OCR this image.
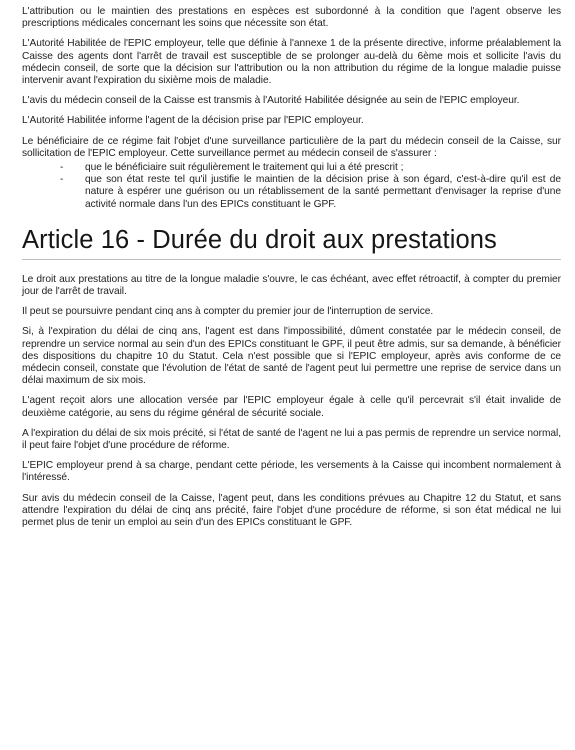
L'attribution ou le maintien des prestations en espèces est subordonné à la condition que l'agent observe les prescriptions médicales concernant les soins que nécessite son état.

L'Autorité Habilitée de l'EPIC employeur, telle que définie à l'annexe 1 de la présente directive, informe préalablement la Caisse des agents dont l'arrêt de travail est susceptible de se prolonger au-delà du 6ème mois et sollicite l'avis du médecin conseil, de sorte que la décision sur l'attribution ou la non attribution du régime de la longue maladie puisse intervenir avant l'expiration du sixième mois de maladie.

L'avis du médecin conseil de la Caisse est transmis à l'Autorité Habilitée désignée au sein de l'EPIC employeur.

L'Autorité Habilitée informe l'agent de la décision prise par l'EPIC employeur.

Le bénéficiaire de ce régime fait l'objet d'une surveillance particulière de la part du médecin conseil de la Caisse, sur sollicitation de l'EPIC employeur. Cette surveillance permet au médecin conseil de s'assurer :

- que le bénéficiaire suit régulièrement le traitement qui lui a été prescrit ;
- que son état reste tel qu'il justifie le maintien de la décision prise à son égard, c'est-à-dire qu'il est de nature à espérer une guérison ou un rétablissement de la santé permettant d'envisager la reprise d'une activité normale dans l'un des EPICs constituant le GPF.
Article 16 - Durée du droit aux prestations

Le droit aux prestations au titre de la longue maladie s'ouvre, le cas échéant, avec effet rétroactif, à compter du premier jour de l'arrêt de travail.

Il peut se poursuivre pendant cinq ans à compter du premier jour de l'interruption de service.

Si, à l'expiration du délai de cinq ans, l'agent est dans l'impossibilité, dûment constatée par le médecin conseil, de reprendre un service normal au sein d'un des EPICs constituant le GPF, il peut être admis, sur sa demande, à bénéficier des dispositions du chapitre 10 du Statut. Cela n'est possible que si l'EPIC employeur, après avis conforme de ce médecin conseil, constate que l'évolution de l'état de santé de l'agent peut lui permettre une reprise de service dans un délai maximum de six mois.

L'agent reçoit alors une allocation versée par l'EPIC employeur égale à celle qu'il percevrait s'il était invalide de deuxième catégorie, au sens du régime général de sécurité sociale.

A l'expiration du délai de six mois précité, si l'état de santé de l'agent ne lui a pas permis de reprendre un service normal, il peut faire l'objet d'une procédure de réforme.

L'EPIC employeur prend à sa charge, pendant cette période, les versements à la Caisse qui incombent normalement à l'intéressé.

Sur avis du médecin conseil de la Caisse, l'agent peut, dans les conditions prévues au Chapitre 12 du Statut, et sans attendre l'expiration du délai de cinq ans précité, faire l'objet d'une procédure de réforme, si son état médical ne lui permet plus de tenir un emploi au sein d'un des EPICs constituant le GPF.
